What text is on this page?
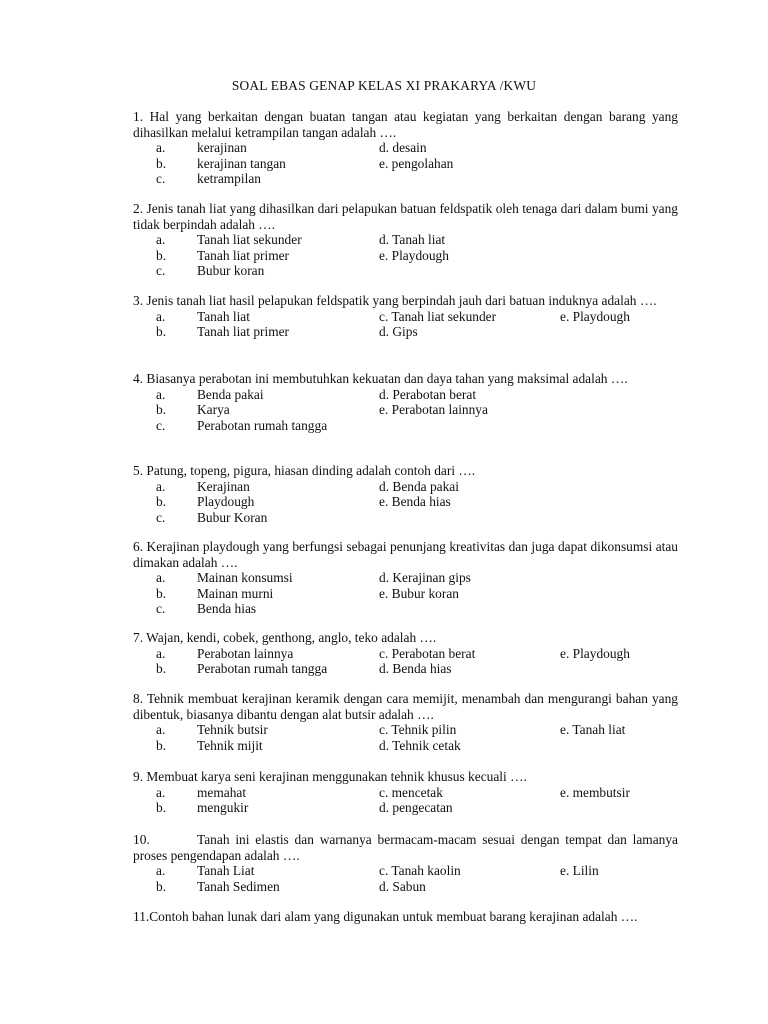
SOAL EBAS GENAP KELAS XI PRAKARYA /KWU
1. Hal yang berkaitan dengan buatan tangan atau kegiatan yang berkaitan dengan barang yang dihasilkan melalui ketrampilan tangan adalah ….
a. kerajinan	d. desain
b. kerajinan tangan	e. pengolahan
c. ketrampilan
2. Jenis tanah liat yang dihasilkan dari pelapukan batuan feldspatik oleh tenaga dari dalam bumi yang tidak berpindah adalah ….
a. Tanah liat sekunder	d. Tanah liat
b. Tanah liat primer	e. Playdough
c. Bubur koran
3. Jenis tanah liat hasil pelapukan feldspatik yang berpindah jauh dari batuan induknya adalah ….
a. Tanah liat	c. Tanah liat sekunder	e. Playdough
b. Tanah liat primer	d. Gips
4. Biasanya perabotan ini membutuhkan kekuatan dan daya tahan yang maksimal adalah ….
a. Benda pakai	d. Perabotan berat
b. Karya	e. Perabotan lainnya
c. Perabotan rumah tangga
5. Patung, topeng, pigura, hiasan dinding adalah contoh dari ….
a. Kerajinan	d. Benda pakai
b. Playdough	e. Benda hias
c. Bubur Koran
6. Kerajinan playdough yang berfungsi sebagai penunjang kreativitas dan juga dapat dikonsumsi atau dimakan adalah ….
a. Mainan konsumsi	d. Kerajinan gips
b. Mainan murni	e. Bubur koran
c. Benda hias
7. Wajan, kendi, cobek, genthong, anglo, teko adalah ….
a. Perabotan lainnya	c. Perabotan berat	e. Playdough
b. Perabotan rumah tangga	d. Benda hias
8. Tehnik membuat kerajinan keramik dengan cara memijit, menambah dan mengurangi bahan yang dibentuk, biasanya dibantu dengan alat butsir adalah ….
a. Tehnik butsir	c. Tehnik pilin	e. Tanah liat
b. Tehnik mijit	d. Tehnik cetak
9. Membuat karya seni kerajinan menggunakan tehnik khusus kecuali ….
a. memahat	c. mencetak	e. membutsir
b. mengukir	d. pengecatan
10.	Tanah ini elastis dan warnanya bermacam-macam sesuai dengan tempat dan lamanya proses pengendapan adalah ….
a. Tanah Liat	c. Tanah kaolin	e. Lilin
b. Tanah Sedimen	d. Sabun
11.Contoh bahan lunak dari alam yang digunakan untuk membuat barang kerajinan adalah ….
